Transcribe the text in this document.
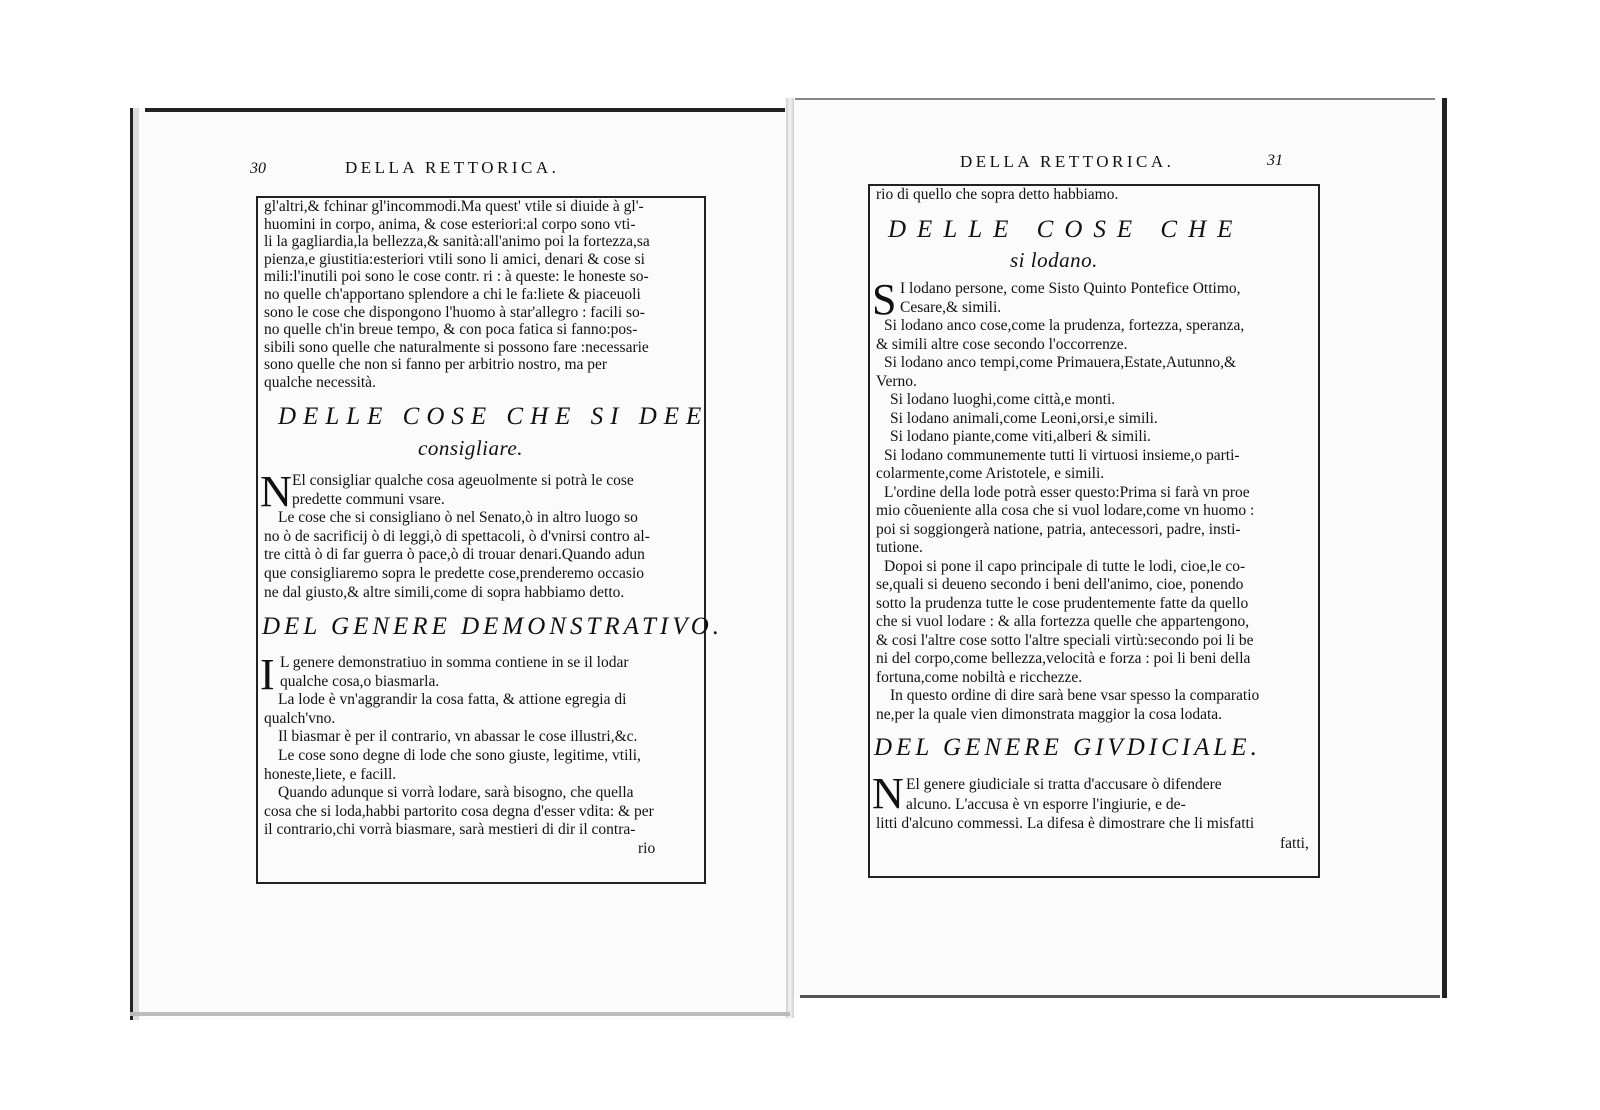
30	DELLA RETTORICA.
gl'altri,& fchinar gl'incommodi.Ma quest' vtile si diuide à gl'-
huomini in corpo, anima, & cose esteriori:al corpo sono vti-
li la gagliardia,la bellezza,& sanità:all'animo poi la fortezza,sa
pienza,e giustitia:esteriori vtili sono li amici, denari & cose si
mili:l'inutili poi sono le cose contr. ri : à queste: le honeste so-
no quelle ch'apportano splendore a chi le fa:liete & piaceuoli
sono le cose che dispongono l'huomo à star'allegro : facili so-
no quelle ch'in breue tempo, & con poca fatica si fanno:pos-
sibili sono quelle che naturalmente si possono fare :necessarie
sono quelle che non si fanno per arbitrio nostro, ma per
qualche necessità.
DELLE COSE CHE SI DEE
consigliare.
N El consigliar qualche cosa ageuolmente si potrà le cose
predette communi vsare.
Le cose che si consigliano ò nel Senato,ò in altro luogo so
no ò de sacrificij ò di leggi,ò di spettacoli, ò d'vnirsi contro al-
tre città ò di far guerra ò pace,ò di trouar denari.Quando adun
que consigliaremo sopra le predette cose,prenderemo occasio
ne dal giusto,& altre simili,come di sopra habbiamo detto.
DEL GENERE DEMONSTRATIVO.
I L genere demonstratiuo in somma contiene in se il lodar
qualche cosa,o biasmarla.
La lode è vn'aggrandir la cosa fatta, & attione egregia di
qualch'vno.
Il biasmar è per il contrario, vn abassar le cose illustri,&c.
Le cose sono degne di lode che sono giuste, legitime, vtili,
honeste,liete, e facill.
Quando adunque si vorrà lodare, sarà bisogno, che quella
cosa che si loda,habbi partorito cosa degna d'esser vdita: & per
il contrario,chi vorrà biasmare, sarà mestieri di dir il contra-
rio
DELLA RETTORICA.	31
rio di quello che sopra detto habbiamo.
DELLE COSE CHE
si lodano.
S I lodano persone, come Sisto Quinto Pontefice Ottimo,
Cesare,& simili.
Si lodano anco cose,come la prudenza, fortezza, speranza,
& simili altre cose secondo l'occorrenze.
Si lodano anco tempi,come Primauera,Estate,Autunno,&
Verno.
Si lodano luoghi,come città,e monti.
Si lodano animali,come Leoni,orsi,e simili.
Si lodano piante,come viti,alberi & simili.
Si lodano communemente tutti li virtuosi insieme,o parti-
colarmente,come Aristotele, e simili.
L'ordine della lode potrà esser questo:Prima si farà vn proe
mio cõueniente alla cosa che si vuol lodare,come vn huomo :
poi si soggiongerà natione, patria, antecessori, padre, insti-
tutione.
Dopoi si pone il capo principale di tutte le lodi, cioe,le co-
se,quali si deueno secondo i beni dell'animo, cioe, ponendo
sotto la prudenza tutte le cose prudentemente fatte da quello
che si vuol lodare : & alla fortezza quelle che appartengono,
& cosi l'altre cose sotto l'altre speciali virtù:secondo poi li be
ni del corpo,come bellezza,velocità e forza : poi li beni della
fortuna,come nobiltà e ricchezze.
In questo ordine di dire sarà bene vsar spesso la comparatio
ne,per la quale vien dimonstrata maggior la cosa lodata.
DEL GENERE GIVDICIALE.
N El genere giudiciale si tratta d'accusare ò difendere
alcuno. L'accusa è vn esporre l'ingiurie, e de-
litti d'alcuno commessi. La difesa è dimostrare che li misfatti
fatti,
